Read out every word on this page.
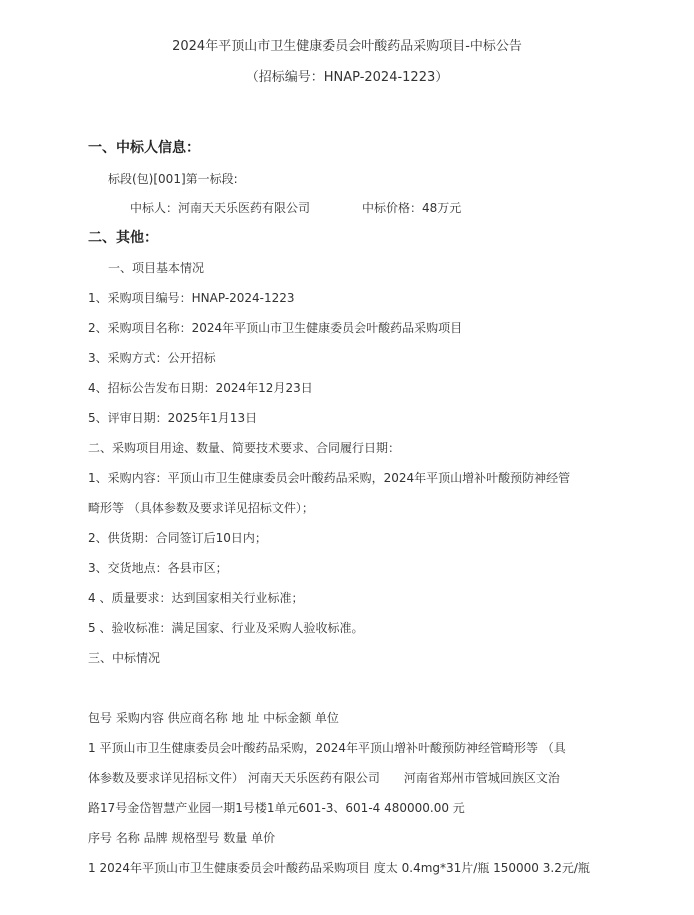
2024年平顶山市卫生健康委员会叶酸药品采购项目-中标公告
（招标编号：HNAP-2024-1223）
一、中标人信息：
标段(包)[001]第一标段:
中标人：河南天天乐医药有限公司	中标价格：48万元
二、其他：
一、项目基本情况
1、采购项目编号：HNAP-2024-1223
2、采购项目名称：2024年平顶山市卫生健康委员会叶酸药品采购项目
3、采购方式：公开招标
4、招标公告发布日期：2024年12月23日
5、评审日期：2025年1月13日
二、采购项目用途、数量、简要技术要求、合同履行日期：
1、采购内容：平顶山市卫生健康委员会叶酸药品采购，2024年平顶山增补叶酸预防神经管
畸形等 （具体参数及要求详见招标文件）；
2、供货期：合同签订后10日内；
3、交货地点：各县市区；
4 、质量要求：达到国家相关行业标准；
5 、验收标准：满足国家、行业及采购人验收标准。
三、中标情况
包号 采购内容 供应商名称 地 址 中标金额 单位
1 平顶山市卫生健康委员会叶酸药品采购，2024年平顶山增补叶酸预防神经管畸形等 （具
体参数及要求详见招标文件） 河南天天乐医药有限公司 河南省郑州市管城回族区文治
路17号金岱智慧产业园一期1号楼1单元601-3、601-4 480000.00 元
序号 名称 品牌 规格型号 数量 单价
1 2024年平顶山市卫生健康委员会叶酸药品采购项目 度太 0.4mg*31片/瓶 150000 3.2元/瓶
